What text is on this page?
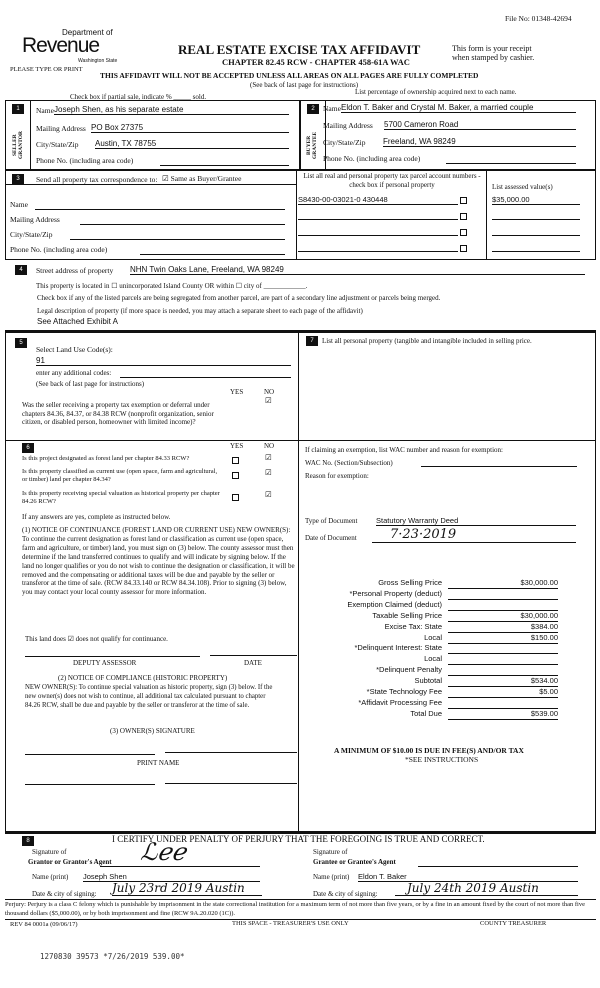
File No: 01348-42694
Department of
Revenue
Washington State
PLEASE TYPE OR PRINT
REAL ESTATE EXCISE TAX AFFIDAVIT
CHAPTER 82.45 RCW - CHAPTER 458-61A WAC
This form is your receipt
when stamped by cashier.
THIS AFFIDAVIT WILL NOT BE ACCEPTED UNLESS ALL AREAS ON ALL PAGES ARE FULLY COMPLETED
(See back of last page for instructions)
Check box if partial sale, indicate % _____ sold.
List percentage of ownership acquired next to each name.
1
SELLER GRANTOR
Name Joseph Shen, as his separate estate
Mailing Address PO Box 27375
City/State/Zip Austin, TX 78755
Phone No. (including area code)
2
BUYER GRANTEE
Name Eldon T. Baker and Crystal M. Baker, a married couple
Mailing Address 5700 Cameron Road
City/State/Zip Freeland, WA 98249
Phone No. (including area code)
3	Send all property tax correspondence to: ☑ Same as Buyer/Grantee
Name
Mailing Address
City/State/Zip
Phone No. (including area code)
List all real and personal property tax parcel account numbers - check box if personal property	List assessed value(s)
S8430-00-03021-0 430448	$35,000.00
4	Street address of property NHN Twin Oaks Lane, Freeland, WA 98249
This property is located in ☐ unincorporated Island County OR within ☐ city of ____________.
Check box if any of the listed parcels are being segregated from another parcel, are part of a secondary line adjustment or parcels being merged.
Legal description of property (if more space is needed, you may attach a separate sheet to each page of the affidavit)
See Attached Exhibit A
5
Select Land Use Code(s):
91
enter any additional codes:
(See back of last page for instructions)
YES	NO
☑
Was the seller receiving a property tax exemption or deferral under chapters 84.36, 84.37, or 84.38 RCW (nonprofit organization, senior citizen, or disabled person, homeowner with limited income)?
6	YES	NO
Is this project designated as forest land per chapter 84.33 RCW?	☑
Is this property classified as current use (open space, farm and agricultural, or timber) land per chapter 84.34?
☑
Is this property receiving special valuation as historical property per chapter 84.26 RCW?
☑
If any answers are yes, complete as instructed below.
(1) NOTICE OF CONTINUANCE (FOREST LAND OR CURRENT USE) NEW OWNER(S): To continue the current designation as forest land or classification as current use (open space, farm and agriculture, or timber) land, you must sign on (3) below. The county assessor must then determine if the land transferred continues to qualify and will indicate by signing below. If the land no longer qualifies or you do not wish to continue the designation or classification, it will be removed and the compensating or additional taxes will be due and payable by the seller or transferor at the time of sale. (RCW 84.33.140 or RCW 84.34.108). Prior to signing (3) below, you may contact your local county assessor for more information.
This land does ☑ does not qualify for continuance.
DEPUTY ASSESSOR	DATE
(2) NOTICE OF COMPLIANCE (HISTORIC PROPERTY)
NEW OWNER(S): To continue special valuation as historic property, sign (3) below. If the new owner(s) does not wish to continue, all additional tax calculated pursuant to chapter 84.26 RCW, shall be due and payable by the seller or transferor at the time of sale.
(3) OWNER(S) SIGNATURE
PRINT NAME
7	List all personal property (tangible and intangible included in selling price.
If claiming an exemption, list WAC number and reason for exemption:
WAC No. (Section/Subsection)
Reason for exemption:
Type of Document Statutory Warranty Deed
Date of Document	7·23·2019
Gross Selling Price	$30,000.00
*Personal Property (deduct)
Exemption Claimed (deduct)
Taxable Selling Price	$30,000.00
Excise Tax: State	$384.00
Local	$150.00
*Delinquent Interest: State
Local
*Delinquent Penalty
Subtotal	$534.00
*State Technology Fee	$5.00
*Affidavit Processing Fee
Total Due	$539.00
A MINIMUM OF $10.00 IS DUE IN FEE(S) AND/OR TAX
*SEE INSTRUCTIONS
8	I CERTIFY UNDER PENALTY OF PERJURY THAT THE FOREGOING IS TRUE AND CORRECT.
Signature of
Grantor or Grantor's Agent ℒℯℯ
Name (print) Joseph Shen
Date & city of signing: July 23rd 2019 Austin
Signature of
Grantee or Grantee's Agent
Name (print) Eldon T. Baker
Date & city of signing:	July 24th 2019 Austin
Perjury: Perjury is a class C felony which is punishable by imprisonment in the state correctional institution for a maximum term of not more than five years, or by a fine in an amount fixed by the court of not more than five thousand dollars ($5,000.00), or by both imprisonment and fine (RCW 9A.20.020 (1C)).
REV 84 0001a (09/06/17)	THIS SPACE - TREASURER'S USE ONLY	COUNTY TREASURER
1270830 39573 *7/26/2019 539.00*
